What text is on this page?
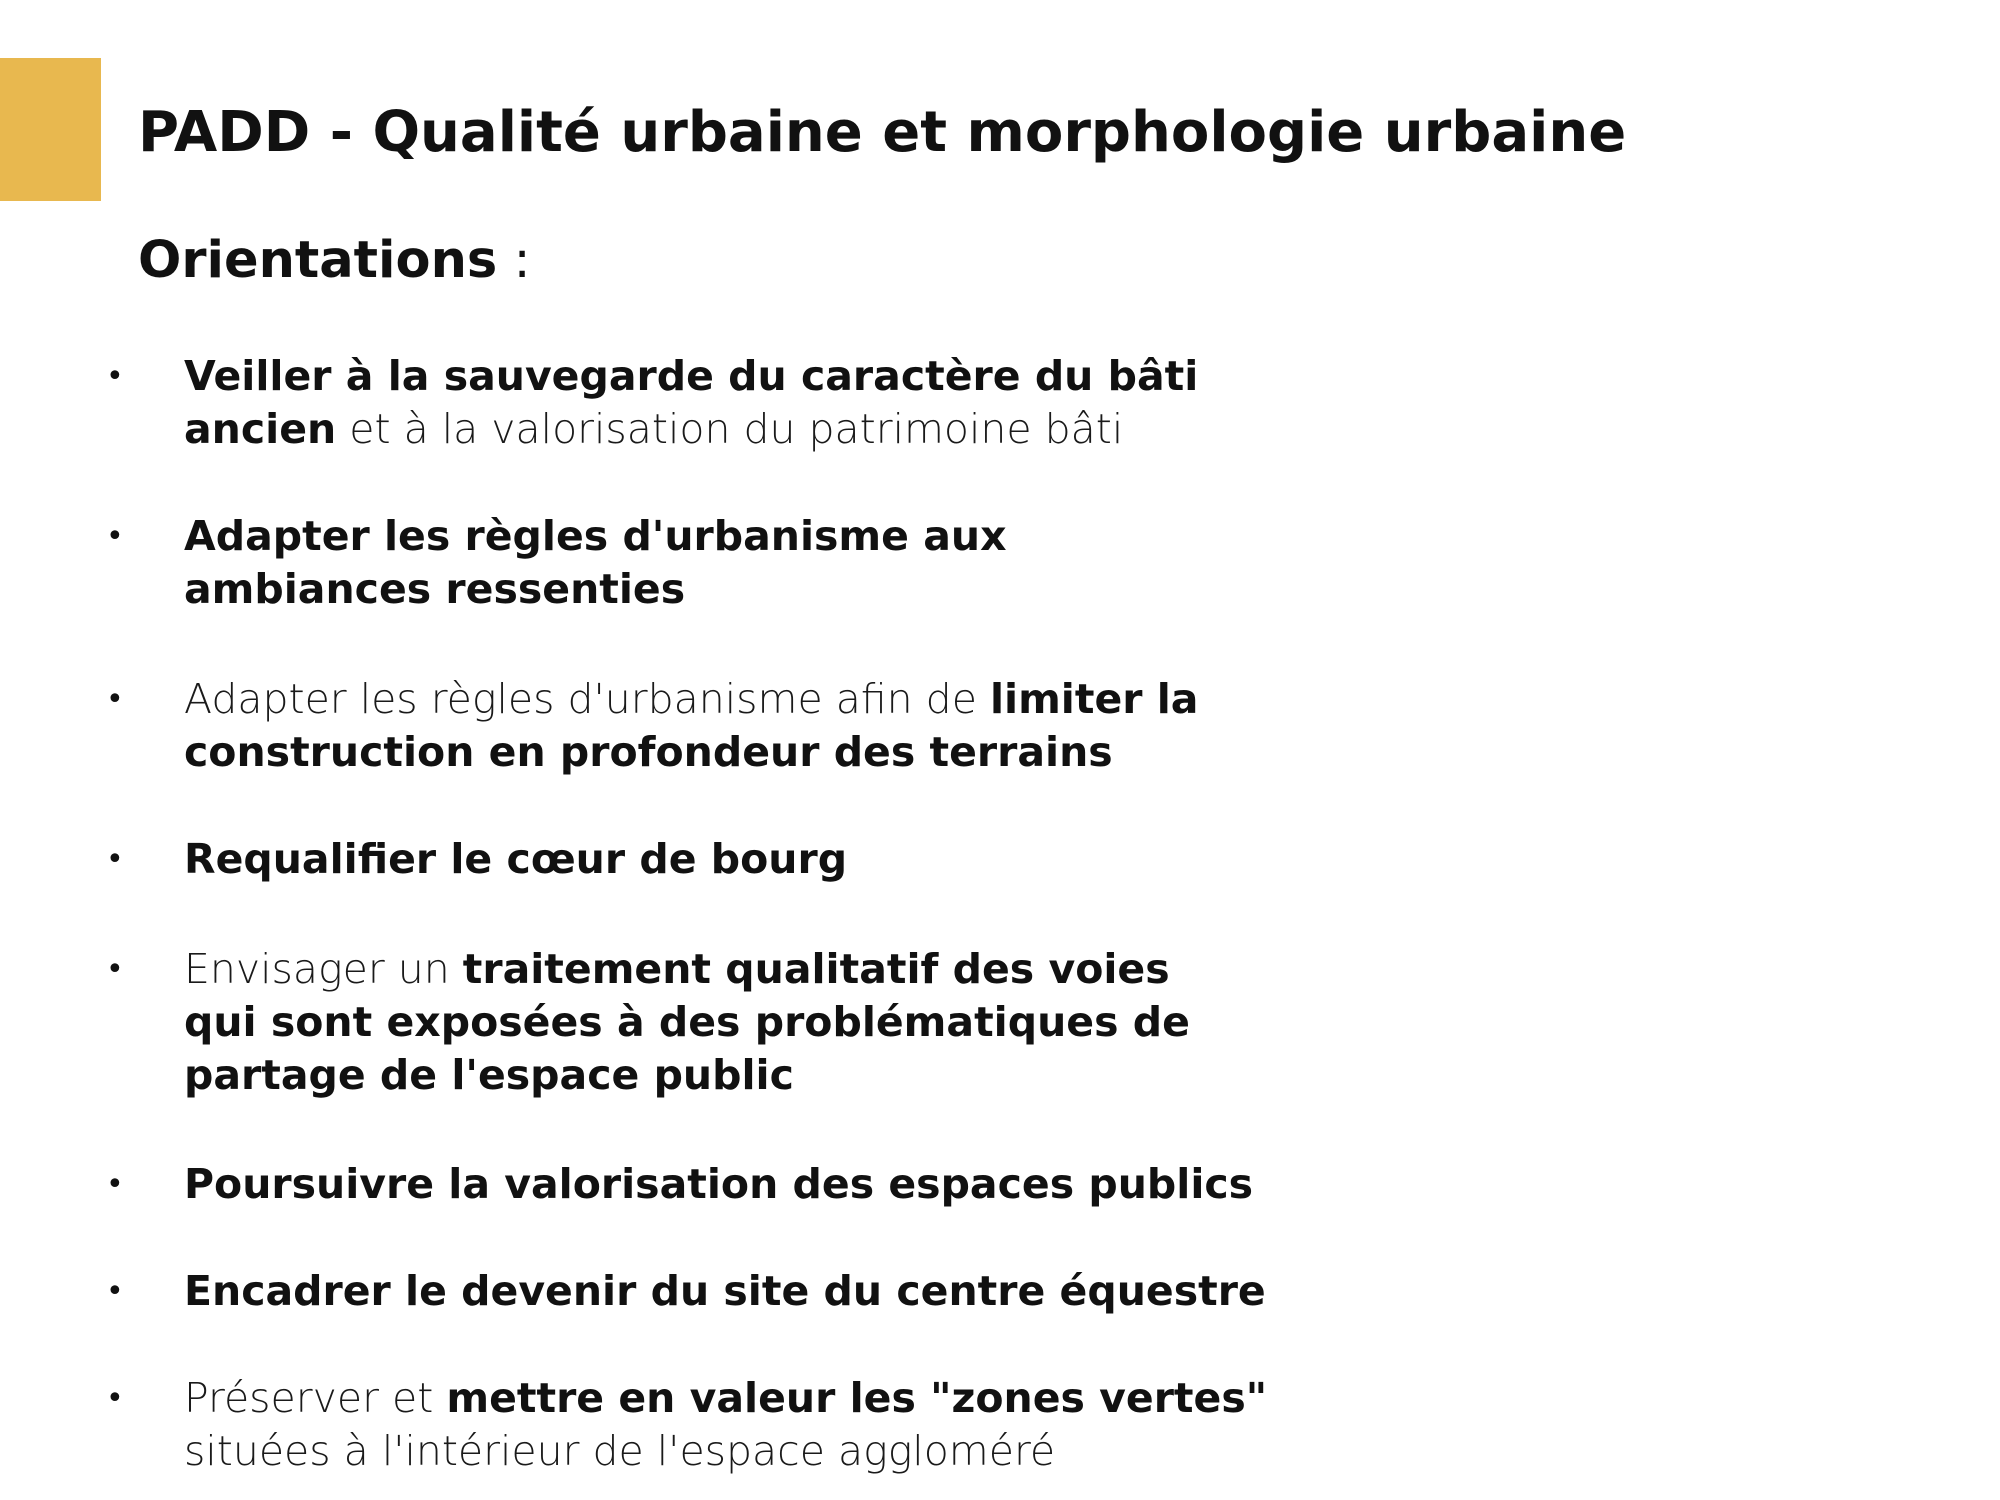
PADD - Qualité urbaine et morphologie urbaine
Orientations :
• Veiller à la sauvegarde du caractère du bâti ancien et à la valorisation du patrimoine bâti
• Adapter les règles d'urbanisme aux ambiances ressenties
• Adapter les règles d'urbanisme afin de limiter la construction en profondeur des terrains
• Requalifier le cœur de bourg
• Envisager un traitement qualitatif des voies qui sont exposées à des problématiques de partage de l'espace public
• Poursuivre la valorisation des espaces publics
• Encadrer le devenir du site du centre équestre
• Préserver et mettre en valeur les "zones vertes" situées à l'intérieur de l'espace aggloméré
